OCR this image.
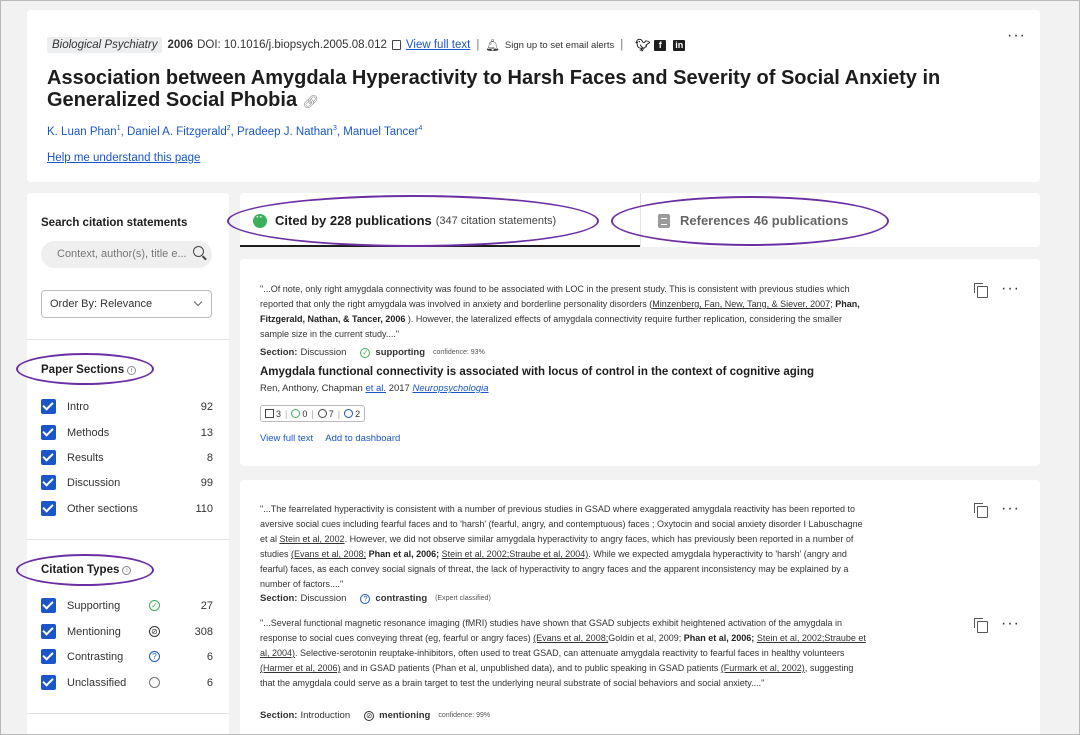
Biological Psychiatry 2006 DOI: 10.1016/j.biopsych.2005.08.012 View full text | 🔔︎ Sign up to set email alerts | 🐦︎ f	in
···
Association between Amygdala Hyperactivity to Harsh Faces and Severity of Social Anxiety in Generalized Social Phobia 🔗︎
K. Luan Phan$^1$, Daniel A. Fitzgerald$^2$, Pradeep J. Nathan$^3$, Manuel Tancer$^4$
Help me understand this page
Search citation statements
Context, author(s), title e...
Order By: Relevance
Paper Sections i
Intro	92
Methods	13
Results	8
Discussion	99
Other sections	110
Citation Types i
Supporting	✓	27
Mentioning	⊘	308
Contrasting	?	6
Unclassified	6
··
Cited by 228 publications (347 citation statements)	References 46 publications
"...Of note, only right amygdala connectivity was found to be associated with LOC in the present study. This is consistent with previous studies which reported that only the right amygdala was involved in anxiety and borderline personality disorders (Minzenberg, Fan, New, Tang, & Siever, 2007; Phan, Fitzgerald, Nathan, & Tancer, 2006 ). However, the lateralized effects of amygdala connectivity require further replication, considering the smaller sample size in the current study...."
Section: Discussion ✓ supporting confidence: 93%
Amygdala functional connectivity is associated with locus of control in the context of cognitive aging
Ren, Anthony, Chapman et al. 2017 Neuropsychologia
3 |	0 |	7 |	2
View full text Add to dashboard
···
"...The fearrelated hyperactivity is consistent with a number of previous studies in GSAD where exaggerated amygdala reactivity has been reported to aversive social cues including fearful faces and to 'harsh' (fearful, angry, and contemptuous) faces ; Oxytocin and social anxiety disorder I Labuschagne et al Stein et al, 2002. However, we did not observe similar amygdala hyperactivity to angry faces, which has previously been reported in a number of studies (Evans et al, 2008; Phan et al, 2006; Stein et al, 2002;Straube et al, 2004). While we expected amygdala hyperactivity to 'harsh' (angry and fearful) faces, as each convey social signals of threat, the lack of hyperactivity to angry faces and the apparent inconsistency may be explained by a number of factors...."
Section: Discussion	? contrasting (Expert classified)
···
"...Several functional magnetic resonance imaging (fMRI) studies have shown that GSAD subjects exhibit heightened activation of the amygdala in response to social cues conveying threat (eg, fearful or angry faces) (Evans et al, 2008;Goldin et al, 2009; Phan et al, 2006; Stein et al, 2002;Straube et al, 2004). Selective-serotonin reuptake-inhibitors, often used to treat GSAD, can attenuate amygdala reactivity to fearful faces in healthy volunteers (Harmer et al, 2006) and in GSAD patients (Phan et al, unpublished data), and to public speaking in GSAD patients (Furmark et al, 2002), suggesting that the amygdala could serve as a brain target to test the underlying neural substrate of social behaviors and social anxiety...."
Section: Introduction ⊘ mentioning confidence: 99%
···
